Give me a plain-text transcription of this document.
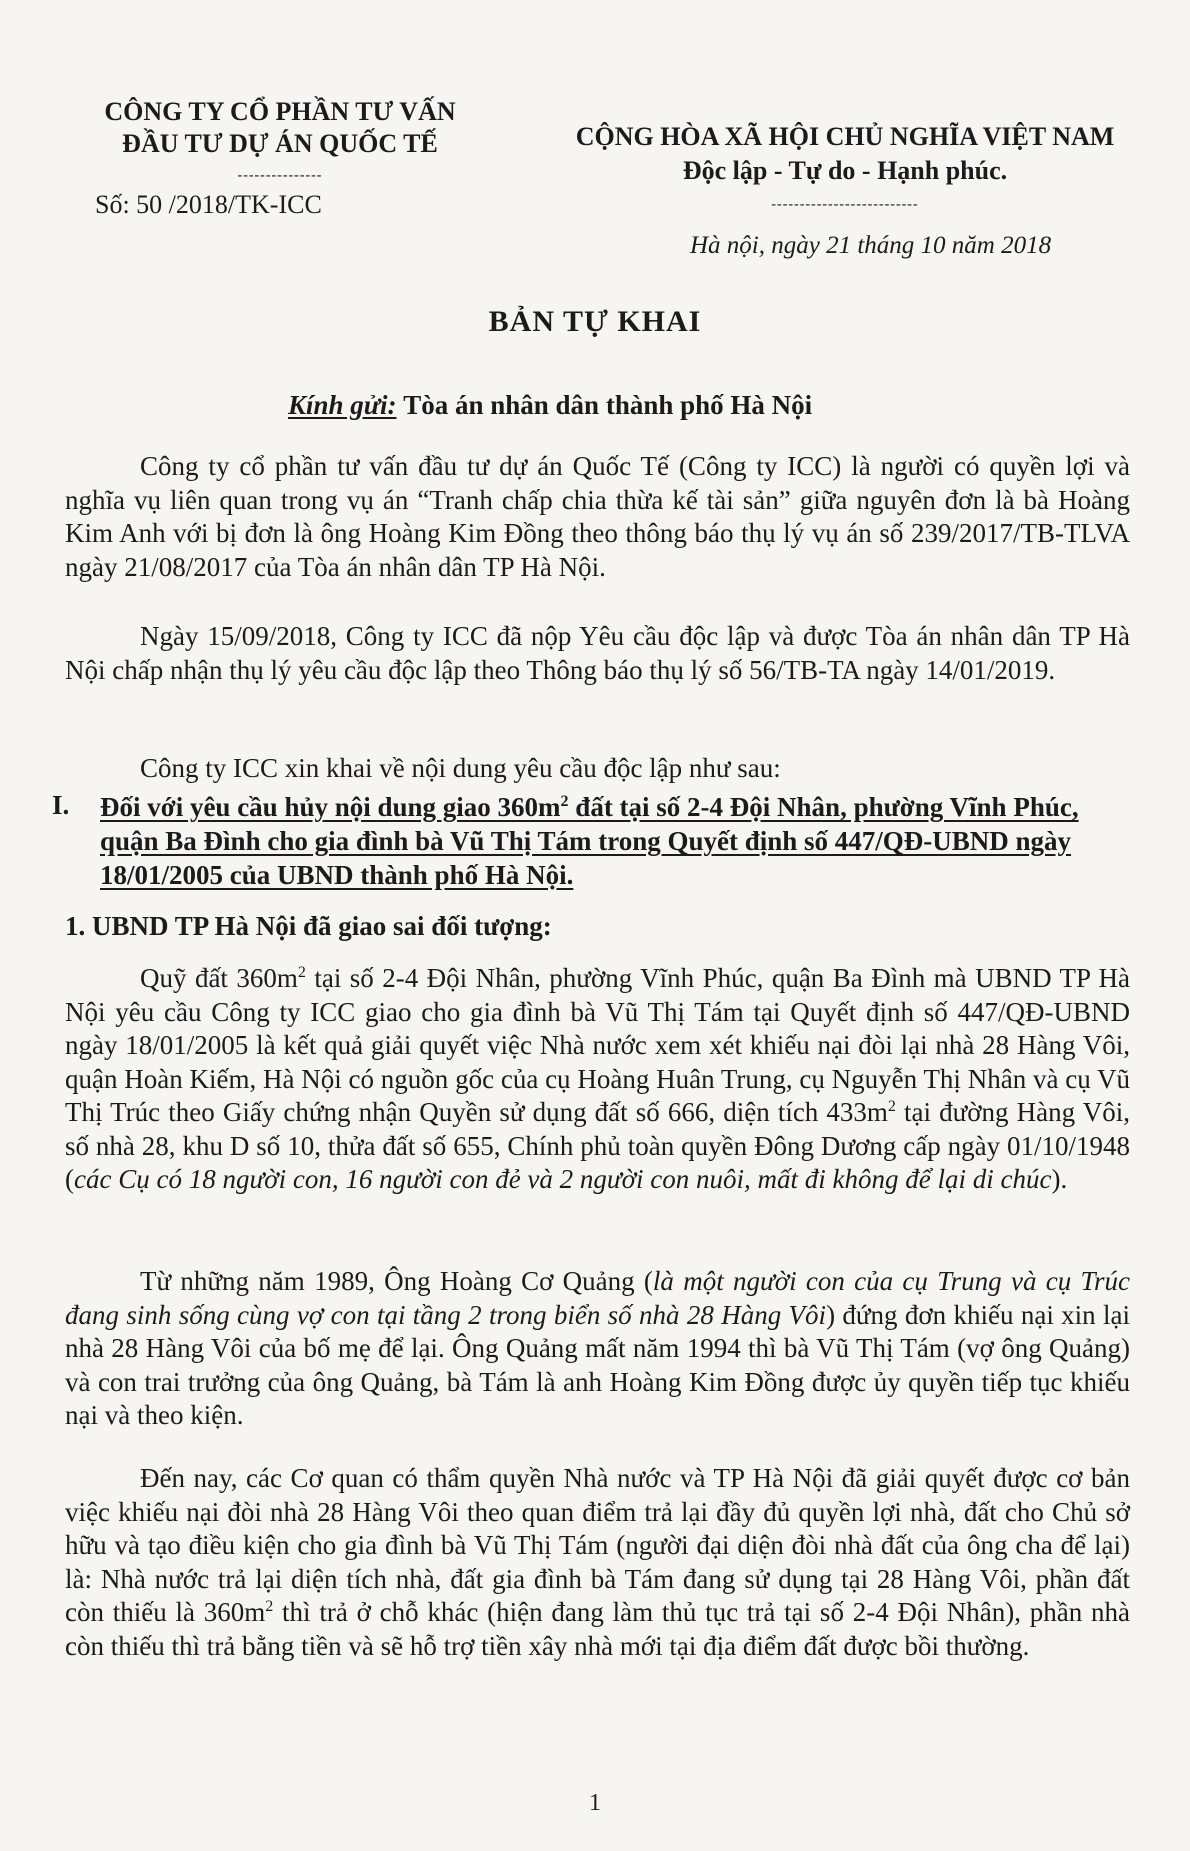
CÔNG TY CỔ PHẦN TƯ VẤN
ĐẦU TƯ DỰ ÁN QUỐC TẾ
---------------
Số: 50 /2018/TK-ICC
CỘNG HÒA XÃ HỘI CHỦ NGHĨA VIỆT NAM
Độc lập - Tự do - Hạnh phúc.
--------------------------
Hà nội, ngày 21 tháng 10 năm 2018
BẢN TỰ KHAI
Kính gửi: Tòa án nhân dân thành phố Hà Nội
Công ty cổ phần tư vấn đầu tư dự án Quốc Tế (Công ty ICC) là người có quyền lợi và nghĩa vụ liên quan trong vụ án “Tranh chấp chia thừa kế tài sản” giữa nguyên đơn là bà Hoàng Kim Anh với bị đơn là ông Hoàng Kim Đồng theo thông báo thụ lý vụ án số 239/2017/TB-TLVA ngày 21/08/2017 của Tòa án nhân dân TP Hà Nội.
Ngày 15/09/2018, Công ty ICC đã nộp Yêu cầu độc lập và được Tòa án nhân dân TP Hà Nội chấp nhận thụ lý yêu cầu độc lập theo Thông báo thụ lý số 56/TB-TA ngày 14/01/2019.
Công ty ICC xin khai về nội dung yêu cầu độc lập như sau:
I. Đối với yêu cầu hủy nội dung giao $360m^2$ đất tại số 2-4 Đội Nhân, phường Vĩnh Phúc, quận Ba Đình cho gia đình bà Vũ Thị Tám trong Quyết định số 447/QĐ-UBND ngày 18/01/2005 của UBND thành phố Hà Nội.
1. UBND TP Hà Nội đã giao sai đối tượng:
Quỹ đất $360m^2$ tại số 2-4 Đội Nhân, phường Vĩnh Phúc, quận Ba Đình mà UBND TP Hà Nội yêu cầu Công ty ICC giao cho gia đình bà Vũ Thị Tám tại Quyết định số 447/QĐ-UBND ngày 18/01/2005 là kết quả giải quyết việc Nhà nước xem xét khiếu nại đòi lại nhà 28 Hàng Vôi, quận Hoàn Kiếm, Hà Nội có nguồn gốc của cụ Hoàng Huân Trung, cụ Nguyễn Thị Nhân và cụ Vũ Thị Trúc theo Giấy chứng nhận Quyền sử dụng đất số 666, diện tích $433m^2$ tại đường Hàng Vôi, số nhà 28, khu D số 10, thửa đất số 655, Chính phủ toàn quyền Đông Dương cấp ngày 01/10/1948 (các Cụ có 18 người con, 16 người con đẻ và 2 người con nuôi, mất đi không để lại di chúc).
Từ những năm 1989, Ông Hoàng Cơ Quảng (là một người con của cụ Trung và cụ Trúc đang sinh sống cùng vợ con tại tầng 2 trong biển số nhà 28 Hàng Vôi) đứng đơn khiếu nại xin lại nhà 28 Hàng Vôi của bố mẹ để lại. Ông Quảng mất năm 1994 thì bà Vũ Thị Tám (vợ ông Quảng) và con trai trưởng của ông Quảng, bà Tám là anh Hoàng Kim Đồng được ủy quyền tiếp tục khiếu nại và theo kiện.
Đến nay, các Cơ quan có thẩm quyền Nhà nước và TP Hà Nội đã giải quyết được cơ bản việc khiếu nại đòi nhà 28 Hàng Vôi theo quan điểm trả lại đầy đủ quyền lợi nhà, đất cho Chủ sở hữu và tạo điều kiện cho gia đình bà Vũ Thị Tám (người đại diện đòi nhà đất của ông cha để lại) là: Nhà nước trả lại diện tích nhà, đất gia đình bà Tám đang sử dụng tại 28 Hàng Vôi, phần đất còn thiếu là $360m^2$ thì trả ở chỗ khác (hiện đang làm thủ tục trả tại số 2-4 Đội Nhân), phần nhà còn thiếu thì trả bằng tiền và sẽ hỗ trợ tiền xây nhà mới tại địa điểm đất được bồi thường.
1
